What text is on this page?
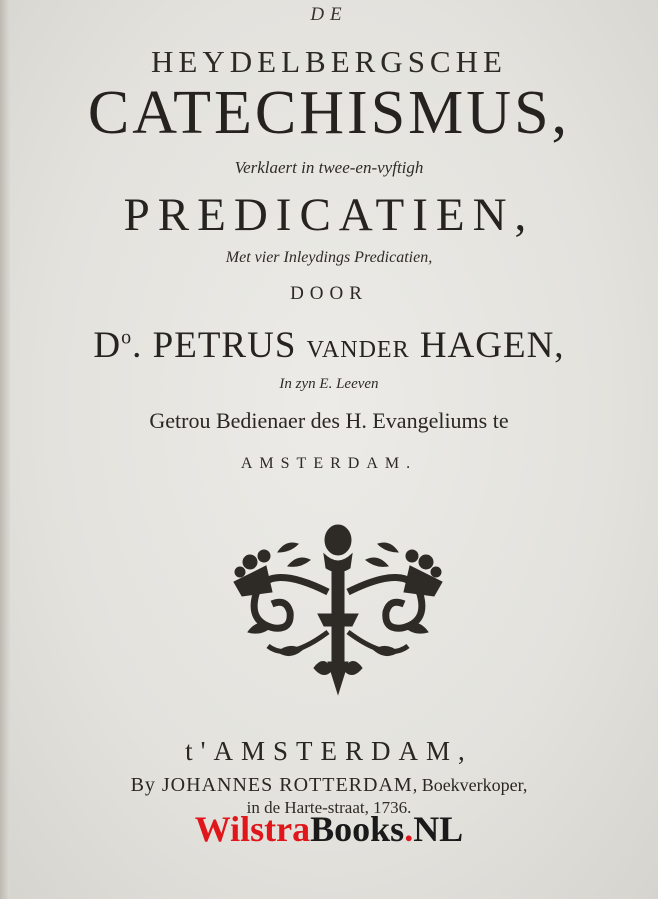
DE
HEYDELBERGSCHE
CATECHISMUS,
Verklaert in twee-en-vyftigh
PREDICATIEN,
Met vier Inleydings Predicatien,
DOOR
$D^o$. PETRUS VANDER HAGEN,
In zyn E. Leeven
Getrou Bedienaer des H. Evangeliums te
AMSTERDAM.
t'AMSTERDAM,
By JOHANNES ROTTERDAM, Boekverkoper,
in de Harte-straat, 1736.
WilstraBooks.NL
